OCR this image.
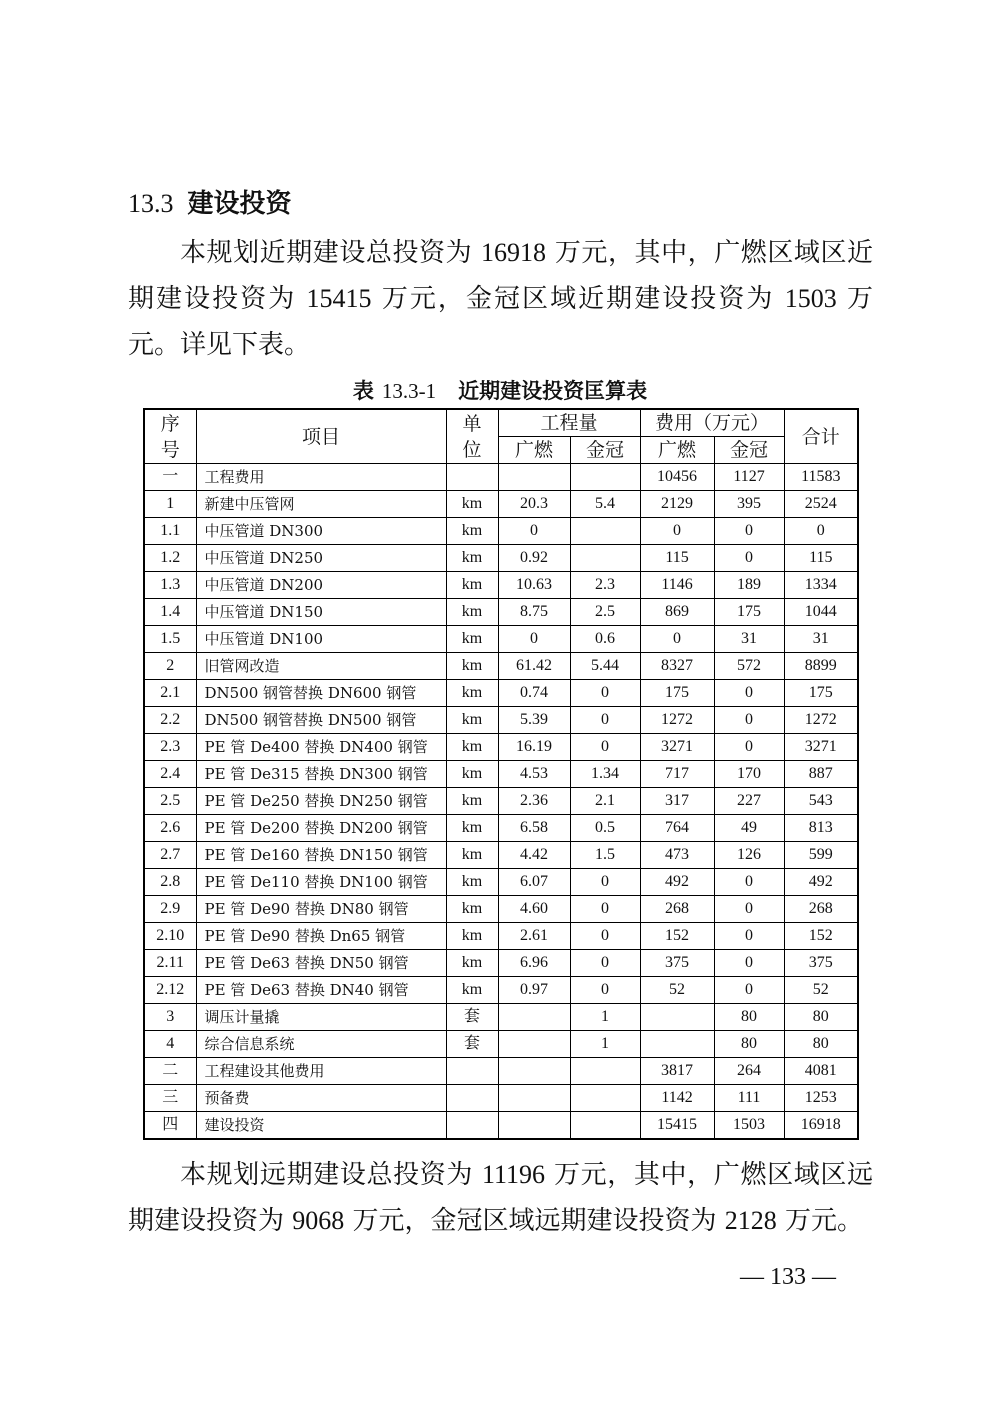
13.3 建设投资

本规划近期建设总投资为 16918 万元，其中，广燃区域区近期建设投资为 15415 万元，金冠区域近期建设投资为 1503 万元。详见下表。

表 13.3-1 近期建设投资匡算表
序号	项目	单位	工程量		费用（万元）		合计
			广燃	金冠	广燃	金冠	
一	工程费用				10456	1127	11583
1	新建中压管网	km	20.3	5.4	2129	395	2524
1.1	中压管道 DN300	km	0		0	0	0
1.2	中压管道 DN250	km	0.92		115	0	115
1.3	中压管道 DN200	km	10.63	2.3	1146	189	1334
1.4	中压管道 DN150	km	8.75	2.5	869	175	1044
1.5	中压管道 DN100	km	0	0.6	0	31	31
2	旧管网改造	km	61.42	5.44	8327	572	8899
2.1	DN500 钢管替换 DN600 钢管	km	0.74	0	175	0	175
2.2	DN500 钢管替换 DN500 钢管	km	5.39	0	1272	0	1272
2.3	PE 管 De400 替换 DN400 钢管	km	16.19	0	3271	0	3271
2.4	PE 管 De315 替换 DN300 钢管	km	4.53	1.34	717	170	887
2.5	PE 管 De250 替换 DN250 钢管	km	2.36	2.1	317	227	543
2.6	PE 管 De200 替换 DN200 钢管	km	6.58	0.5	764	49	813
2.7	PE 管 De160 替换 DN150 钢管	km	4.42	1.5	473	126	599
2.8	PE 管 De110 替换 DN100 钢管	km	6.07	0	492	0	492
2.9	PE 管 De90 替换 DN80 钢管	km	4.60	0	268	0	268
2.10	PE 管 De90 替换 Dn65 钢管	km	2.61	0	152	0	152
2.11	PE 管 De63 替换 DN50 钢管	km	6.96	0	375	0	375
2.12	PE 管 De63 替换 DN40 钢管	km	0.97	0	52	0	52
3	调压计量撬	套		1		80	80
4	综合信息系统	套		1		80	80
二	工程建设其他费用				3817	264	4081
三	预备费				1142	111	1253
四	建设投资				15415	1503	16918

本规划远期建设总投资为 11196 万元，其中，广燃区域区远期建设投资为 9068 万元，金冠区域远期建设投资为 2128 万元。

— 133 —
